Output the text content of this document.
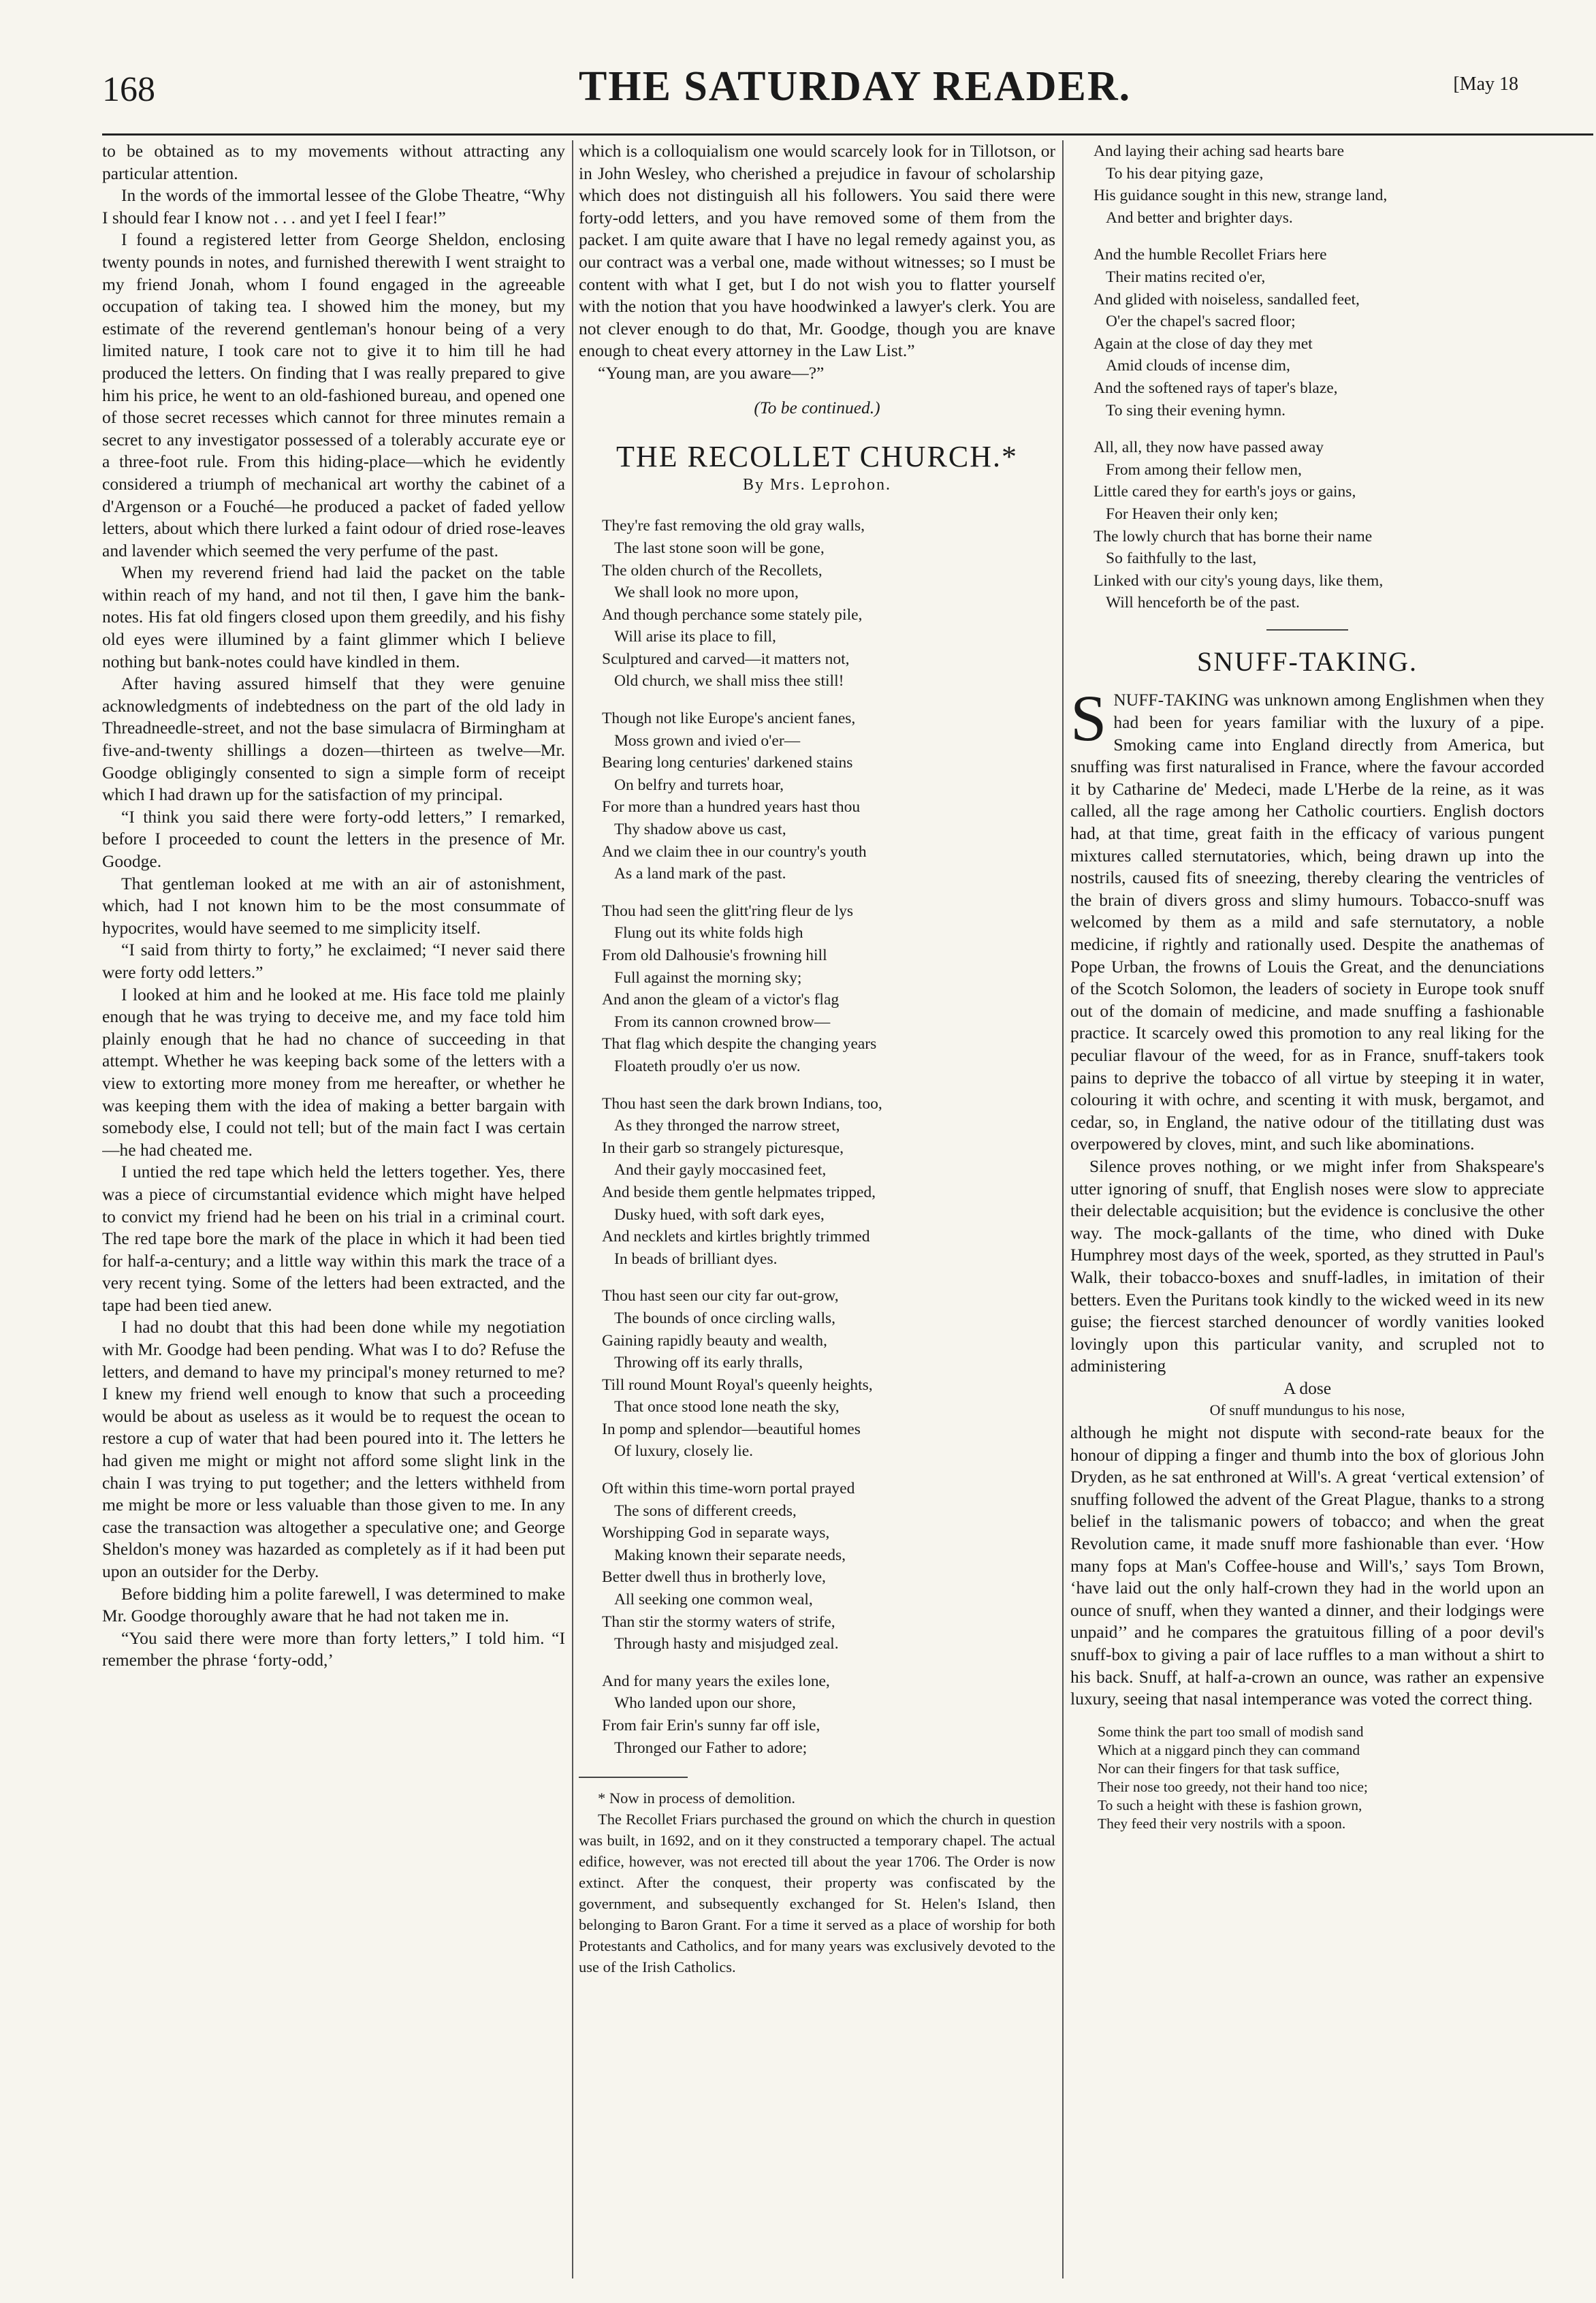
168	THE SATURDAY READER.	[May 18

to be obtained as to my movements without attracting any particular attention.

In the words of the immortal lessee of the Globe Theatre, “Why I should fear I know not . . . and yet I feel I fear!”

I found a registered letter from George Sheldon, enclosing twenty pounds in notes, and furnished therewith I went straight to my friend Jonah, whom I found engaged in the agreeable occupation of taking tea. I showed him the money, but my estimate of the reverend gentleman's honour being of a very limited nature, I took care not to give it to him till he had produced the letters. On finding that I was really prepared to give him his price, he went to an old-fashioned bureau, and opened one of those secret recesses which cannot for three minutes remain a secret to any investigator possessed of a tolerably accurate eye or a three-foot rule. From this hiding-place—which he evidently considered a triumph of mechanical art worthy the cabinet of a d'Argenson or a Fouché—he produced a packet of faded yellow letters, about which there lurked a faint odour of dried rose-leaves and lavender which seemed the very perfume of the past.

When my reverend friend had laid the packet on the table within reach of my hand, and not til then, I gave him the bank-notes. His fat old fingers closed upon them greedily, and his fishy old eyes were illumined by a faint glimmer which I believe nothing but bank-notes could have kindled in them.

After having assured himself that they were genuine acknowledgments of indebtedness on the part of the old lady in Threadneedle-street, and not the base simulacra of Birmingham at five-and-twenty shillings a dozen—thirteen as twelve—Mr. Goodge obligingly consented to sign a simple form of receipt which I had drawn up for the satisfaction of my principal.

“I think you said there were forty-odd letters,” I remarked, before I proceeded to count the letters in the presence of Mr. Goodge.

That gentleman looked at me with an air of astonishment, which, had I not known him to be the most consummate of hypocrites, would have seemed to me simplicity itself.

“I said from thirty to forty,” he exclaimed; “I never said there were forty odd letters.”

I looked at him and he looked at me. His face told me plainly enough that he was trying to deceive me, and my face told him plainly enough that he had no chance of succeeding in that attempt. Whether he was keeping back some of the letters with a view to extorting more money from me hereafter, or whether he was keeping them with the idea of making a better bargain with somebody else, I could not tell; but of the main fact I was certain—he had cheated me.

I untied the red tape which held the letters together. Yes, there was a piece of circumstantial evidence which might have helped to convict my friend had he been on his trial in a criminal court. The red tape bore the mark of the place in which it had been tied for half-a-century; and a little way within this mark the trace of a very recent tying. Some of the letters had been extracted, and the tape had been tied anew.

I had no doubt that this had been done while my negotiation with Mr. Goodge had been pending. What was I to do? Refuse the letters, and demand to have my principal's money returned to me? I knew my friend well enough to know that such a proceeding would be about as useless as it would be to request the ocean to restore a cup of water that had been poured into it. The letters he had given me might or might not afford some slight link in the chain I was trying to put together; and the letters withheld from me might be more or less valuable than those given to me. In any case the transaction was altogether a speculative one; and George Sheldon's money was hazarded as completely as if it had been put upon an outsider for the Derby.

Before bidding him a polite farewell, I was determined to make Mr. Goodge thoroughly aware that he had not taken me in.

“You said there were more than forty letters,” I told him. “I remember the phrase ‘forty-odd,’

which is a colloquialism one would scarcely look for in Tillotson, or in John Wesley, who cherished a prejudice in favour of scholarship which does not distinguish all his followers. You said there were forty-odd letters, and you have removed some of them from the packet. I am quite aware that I have no legal remedy against you, as our contract was a verbal one, made without witnesses; so I must be content with what I get, but I do not wish you to flatter yourself with the notion that you have hoodwinked a lawyer's clerk. You are not clever enough to do that, Mr. Goodge, though you are knave enough to cheat every attorney in the Law List.”

“Young man, are you aware—?”

(To be continued.)
THE RECOLLET CHURCH.*
By Mrs. Leprohon.
They're fast removing the old gray walls,
The last stone soon will be gone,
The olden church of the Recollets,
We shall look no more upon,
And though perchance some stately pile,
Will arise its place to fill,
Sculptured and carved—it matters not,
Old church, we shall miss thee still!
Though not like Europe's ancient fanes,
Moss grown and ivied o'er—
Bearing long centuries' darkened stains
On belfry and turrets hoar,
For more than a hundred years hast thou
Thy shadow above us cast,
And we claim thee in our country's youth
As a land mark of the past.
Thou had seen the glitt'ring fleur de lys
Flung out its white folds high
From old Dalhousie's frowning hill
Full against the morning sky;
And anon the gleam of a victor's flag
From its cannon crowned brow—
That flag which despite the changing years
Floateth proudly o'er us now.
Thou hast seen the dark brown Indians, too,
As they thronged the narrow street,
In their garb so strangely picturesque,
And their gayly moccasined feet,
And beside them gentle helpmates tripped,
Dusky hued, with soft dark eyes,
And necklets and kirtles brightly trimmed
In beads of brilliant dyes.
Thou hast seen our city far out-grow,
The bounds of once circling walls,
Gaining rapidly beauty and wealth,
Throwing off its early thralls,
Till round Mount Royal's queenly heights,
That once stood lone neath the sky,
In pomp and splendor—beautiful homes
Of luxury, closely lie.
Oft within this time-worn portal prayed
The sons of different creeds,
Worshipping God in separate ways,
Making known their separate needs,
Better dwell thus in brotherly love,
All seeking one common weal,
Than stir the stormy waters of strife,
Through hasty and misjudged zeal.
And for many years the exiles lone,
Who landed upon our shore,
From fair Erin's sunny far off isle,
Thronged our Father to adore;

* Now in process of demolition.

The Recollet Friars purchased the ground on which the church in question was built, in 1692, and on it they constructed a temporary chapel. The actual edifice, however, was not erected till about the year 1706. The Order is now extinct. After the conquest, their property was confiscated by the government, and subsequently exchanged for St. Helen's Island, then belonging to Baron Grant. For a time it served as a place of worship for both Protestants and Catholics, and for many years was exclusively devoted to the use of the Irish Catholics.

And laying their aching sad hearts bare
To his dear pitying gaze,
His guidance sought in this new, strange land,
And better and brighter days.
And the humble Recollet Friars here
Their matins recited o'er,
And glided with noiseless, sandalled feet,
O'er the chapel's sacred floor;
Again at the close of day they met
Amid clouds of incense dim,
And the softened rays of taper's blaze,
To sing their evening hymn.
All, all, they now have passed away
From among their fellow men,
Little cared they for earth's joys or gains,
For Heaven their only ken;
The lowly church that has borne their name
So faithfully to the last,
Linked with our city's young days, like them,
Will henceforth be of the past.
SNUFF-TAKING.

SNUFF-TAKING was unknown among Englishmen when they had been for years familiar with the luxury of a pipe. Smoking came into England directly from America, but snuffing was first naturalised in France, where the favour accorded it by Catharine de' Medeci, made L'Herbe de la reine, as it was called, all the rage among her Catholic courtiers. English doctors had, at that time, great faith in the efficacy of various pungent mixtures called sternutatories, which, being drawn up into the nostrils, caused fits of sneezing, thereby clearing the ventricles of the brain of divers gross and slimy humours. Tobacco-snuff was welcomed by them as a mild and safe sternutatory, a noble medicine, if rightly and rationally used. Despite the anathemas of Pope Urban, the frowns of Louis the Great, and the denunciations of the Scotch Solomon, the leaders of society in Europe took snuff out of the domain of medicine, and made snuffing a fashionable practice. It scarcely owed this promotion to any real liking for the peculiar flavour of the weed, for as in France, snuff-takers took pains to deprive the tobacco of all virtue by steeping it in water, colouring it with ochre, and scenting it with musk, bergamot, and cedar, so, in England, the native odour of the titillating dust was overpowered by cloves, mint, and such like abominations.

Silence proves nothing, or we might infer from Shakspeare's utter ignoring of snuff, that English noses were slow to appreciate their delectable acquisition; but the evidence is conclusive the other way. The mock-gallants of the time, who dined with Duke Humphrey most days of the week, sported, as they strutted in Paul's Walk, their tobacco-boxes and snuff-ladles, in imitation of their betters. Even the Puritans took kindly to the wicked weed in its new guise; the fiercest starched denouncer of wordly vanities looked lovingly upon this particular vanity, and scrupled not to administering

A dose
Of snuff mundungus to his nose,

although he might not dispute with second-rate beaux for the honour of dipping a finger and thumb into the box of glorious John Dryden, as he sat enthroned at Will's. A great ‘vertical extension’ of snuffing followed the advent of the Great Plague, thanks to a strong belief in the talismanic powers of tobacco; and when the great Revolution came, it made snuff more fashionable than ever. ‘How many fops at Man's Coffee-house and Will's,’ says Tom Brown, ‘have laid out the only half-crown they had in the world upon an ounce of snuff, when they wanted a dinner, and their lodgings were unpaid’’ and he compares the gratuitous filling of a poor devil's snuff-box to giving a pair of lace ruffles to a man without a shirt to his back. Snuff, at half-a-crown an ounce, was rather an expensive luxury, seeing that nasal intemperance was voted the correct thing.

Some think the part too small of modish sand
Which at a niggard pinch they can command
Nor can their fingers for that task suffice,
Their nose too greedy, not their hand too nice;
To such a height with these is fashion grown,
They feed their very nostrils with a spoon.
